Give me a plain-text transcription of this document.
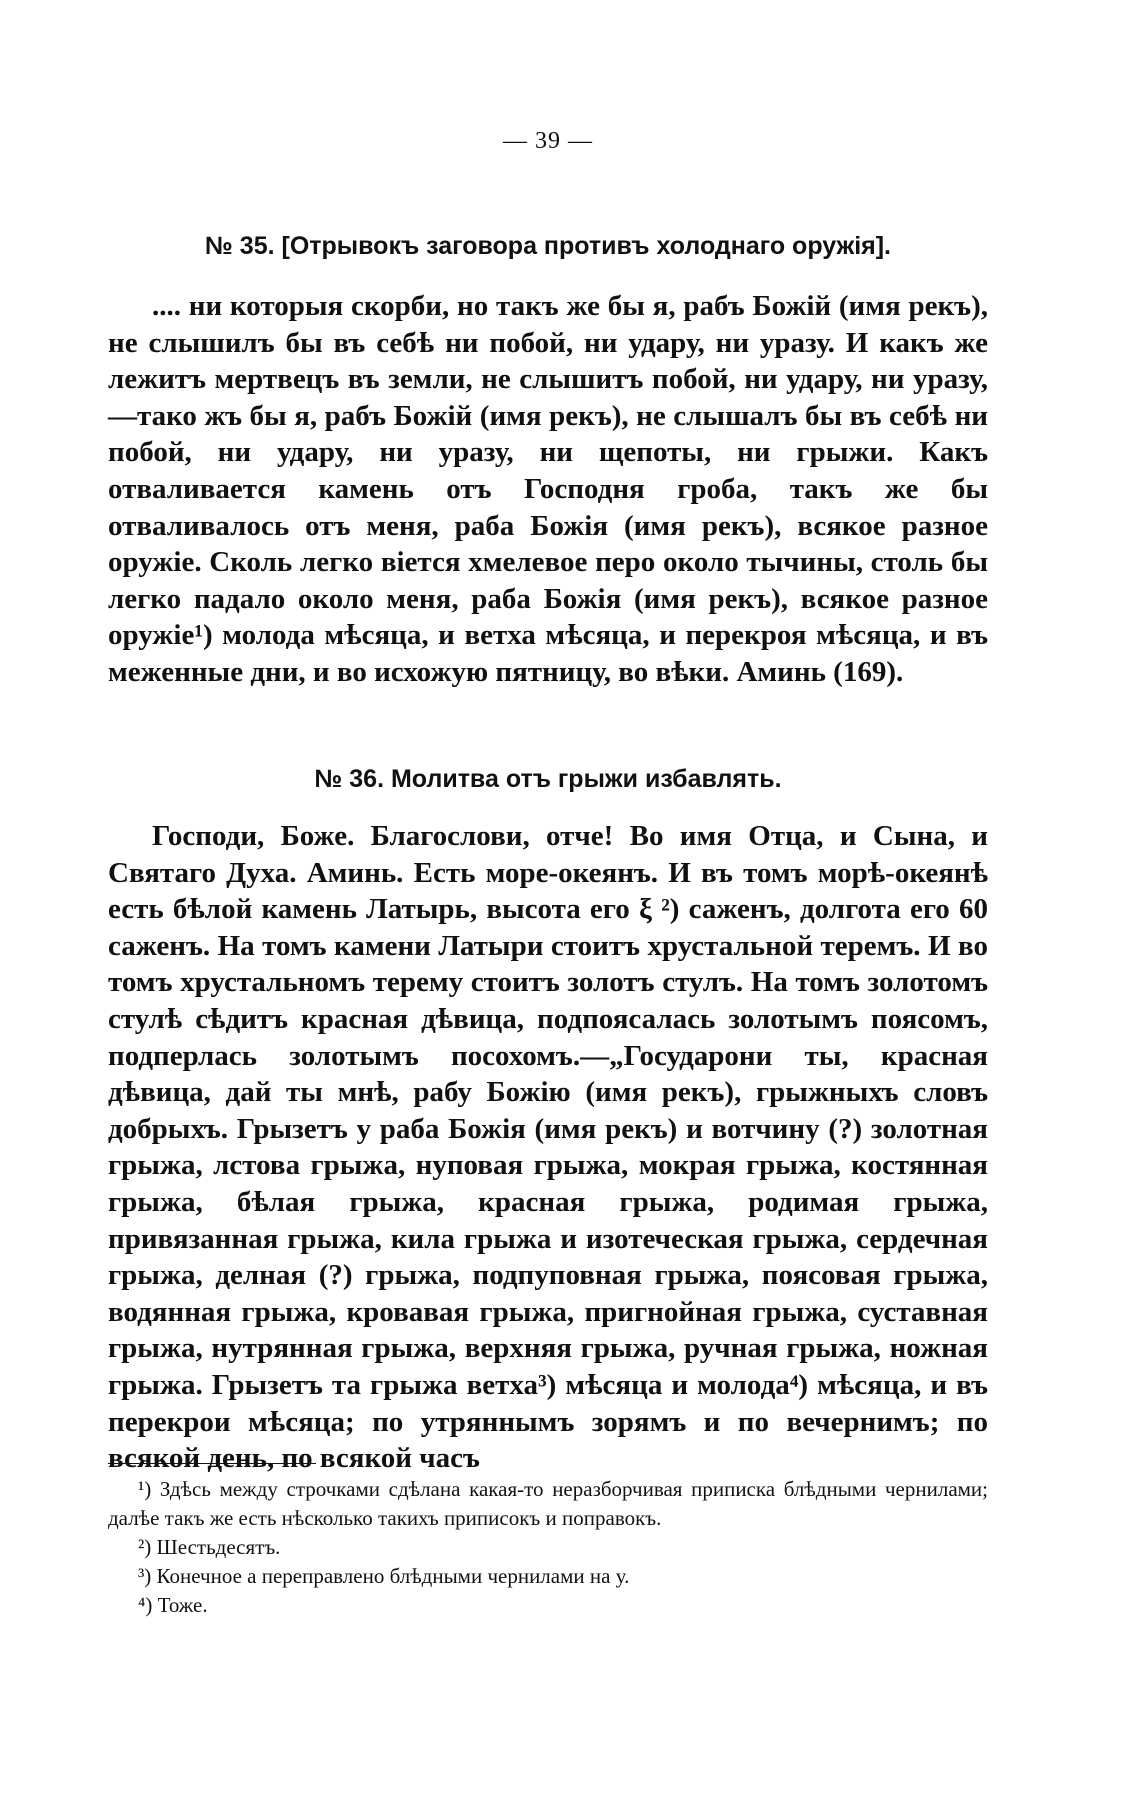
— 39 —
№ 35. [Отрывокъ заговора противъ холоднаго оружія].

.... ни которыя скорби, но такъ же бы я, рабъ Божій (имя рекъ), не слышилъ бы въ себѣ ни побой, ни удару, ни уразу. И какъ же лежитъ мертвецъ въ земли, не слышитъ побой, ни удару, ни уразу,—тако жъ бы я, рабъ Божій (имя рекъ), не слышалъ бы въ себѣ ни побой, ни удару, ни уразу, ни щепоты, ни грыжи. Какъ отваливается камень отъ Господня гроба, такъ же бы отваливалось отъ меня, раба Божія (имя рекъ), всякое разное оружіе. Сколь легко віется хмелевое перо около тычины, столь бы легко падало около меня, раба Божія (имя рекъ), всякое разное оружіе¹) молода мѣсяца, и ветха мѣсяца, и перекроя мѣсяца, и въ меженные дни, и во исхожую пятницу, во вѣки. Аминь (169).

№ 36. Молитва отъ грыжи избавлять.

Господи, Боже. Благослови, отче! Во имя Отца, и Сына, и Святаго Духа. Аминь. Есть море-океянъ. И въ томъ морѣ-океянѣ есть бѣлой камень Латырь, высота его ξ ²) саженъ, долгота его 60 саженъ. На томъ камени Латыри стоитъ хрустальной теремъ. И во томъ хрустальномъ терему стоитъ золотъ стулъ. На томъ золотомъ стулѣ сѣдитъ красная дѣвица, подпоясалась золотымъ поясомъ, подперлась золотымъ посохомъ.—„Государони ты, красная дѣвица, дай ты мнѣ, рабу Божію (имя рекъ), грыжныхъ словъ добрыхъ. Грызетъ у раба Божія (имя рекъ) и вотчину (?) золотная грыжа, лстова грыжа, нуповая грыжа, мокрая грыжа, костянная грыжа, бѣлая грыжа, красная грыжа, родимая грыжа, привязанная грыжа, кила грыжа и изотеческая грыжа, сердечная грыжа, делная (?) грыжа, подпуповная грыжа, поясовая грыжа, водянная грыжа, кровавая грыжа, пригнойная грыжа, суставная грыжа, нутрянная грыжа, верхняя грыжа, ручная грыжа, ножная грыжа. Грызетъ та грыжа ветха³) мѣсяца и молода⁴) мѣсяца, и въ перекрои мѣсяца; по утряннымъ зорямъ и по вечернимъ; по всякой день, по всякой часъ

¹) Здѣсь между строчками сдѣлана какая-то неразборчивая приписка блѣдными чернилами; далѣе такъ же есть нѣсколько такихъ приписокъ и поправокъ.

²) Шестьдесятъ.

³) Конечное а переправлено блѣдными чернилами на у.

⁴) Тоже.
